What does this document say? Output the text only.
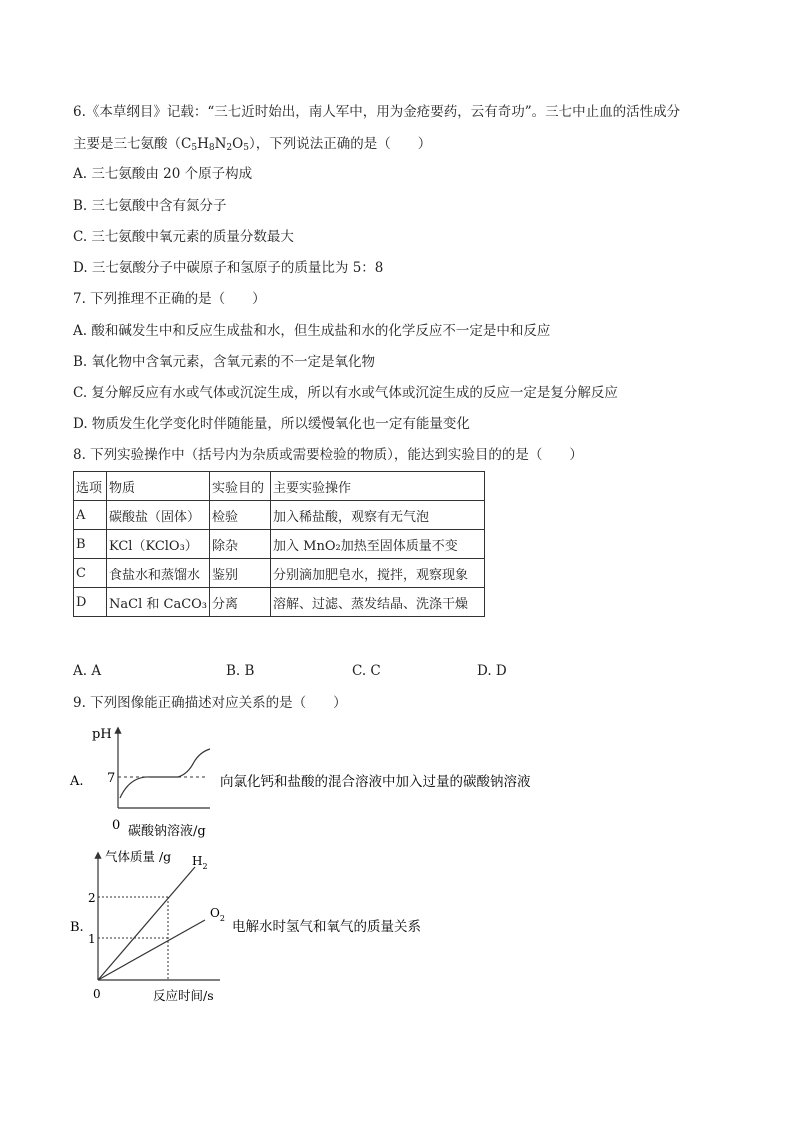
6.《本草纲目》记载：“三七近时始出，南人军中，用为金疮要药，云有奇功”。三七中止血的活性成分
主要是三七氨酸$(C_5H_8N_2O_5)$，下列说法正确的是（　　）
A. 三七氨酸由 20 个原子构成
B. 三七氨酸中含有氮分子
C. 三七氨酸中氧元素的质量分数最大
D. 三七氨酸分子中碳原子和氢原子的质量比为 5：8
7. 下列推理不正确的是（　　）
A. 酸和碱发生中和反应生成盐和水，但生成盐和水的化学反应不一定是中和反应
B. 氧化物中含氧元素，含氧元素的不一定是氧化物
C. 复分解反应有水或气体或沉淀生成，所以有水或气体或沉淀生成的反应一定是复分解反应
D. 物质发生化学变化时伴随能量，所以缓慢氧化也一定有能量变化
8. 下列实验操作中（括号内为杂质或需要检验的物质），能达到实验目的的是（　　）
选项	物质	实验目的	主要实验操作
A	碳酸盐（固体）	检验	加入稀盐酸，观察有无气泡
B	KCl（KClO₃）	除杂	加入 MnO₂加热至固体质量不变
C	食盐水和蒸馏水	鉴别	分别滴加肥皂水，搅拌，观察现象
D	NaCl 和 CaCO₃	分离	溶解、过滤、蒸发结晶、洗涤干燥
A. A	B. B	C. C	D. D
9. 下列图像能正确描述对应关系的是（　　）
A.
pH
7
0 碳酸钠溶液/g
向氯化钙和盐酸的混合溶液中加入过量的碳酸钠溶液
B.
气体质量 /g
2
1
$H_2$
$O_2$
0	反应时间/s
电解水时氢气和氧气的质量关系
